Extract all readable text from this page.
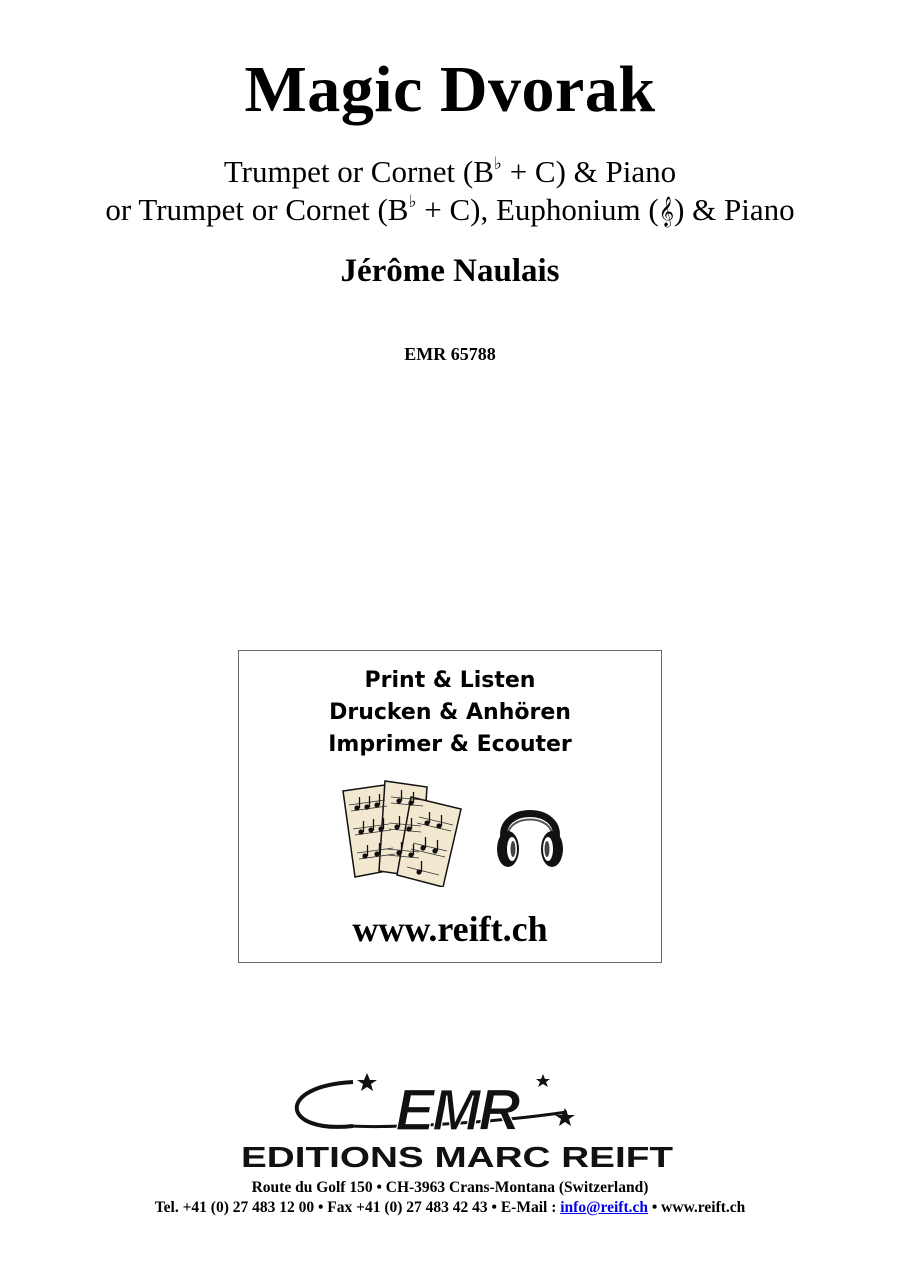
Magic Dvorak
Trumpet or Cornet (B♭ + C) & Piano
or Trumpet or Cornet (B♭ + C), Euphonium (𝄞) & Piano
Jérôme Naulais
EMR 65788
Print & Listen
Drucken & Anhören
Imprimer & Ecouter
www.reift.ch
EMR
EDITIONS MARC REIFT
Route du Golf 150 • CH-3963 Crans-Montana (Switzerland)
Tel. +41 (0) 27 483 12 00 • Fax +41 (0) 27 483 42 43 • E-Mail : info@reift.ch • www.reift.ch
